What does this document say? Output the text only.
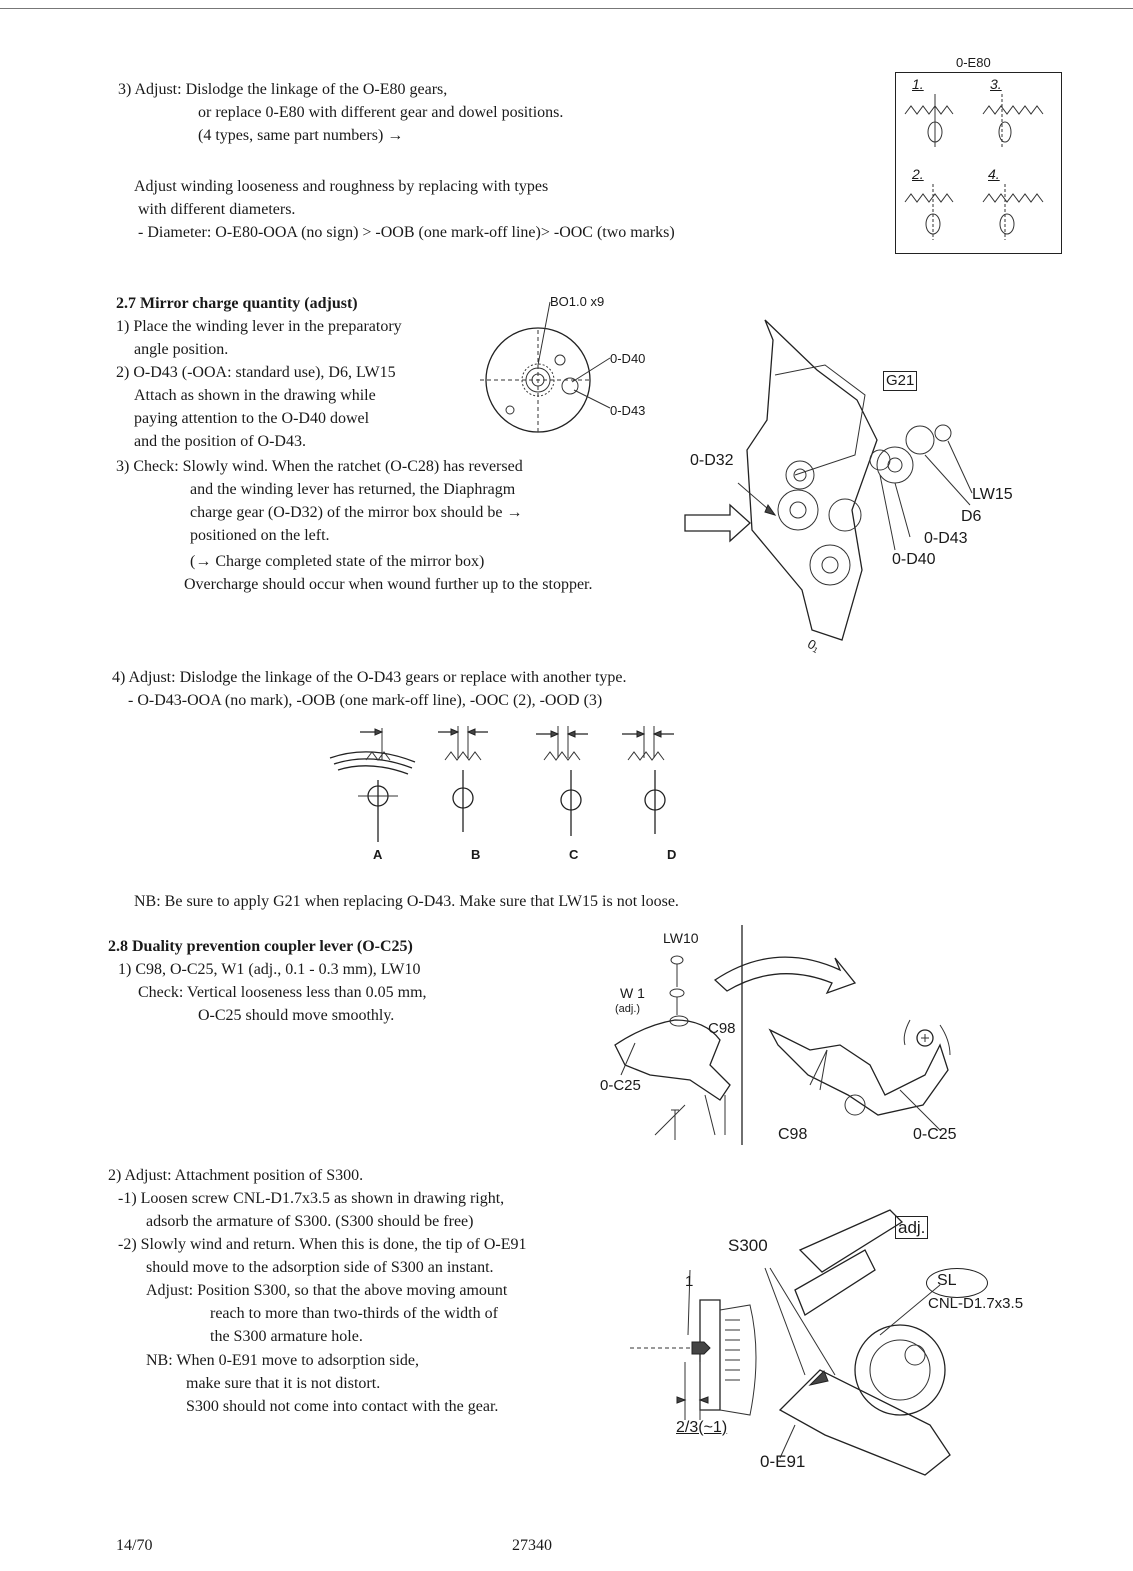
3) Adjust: Dislodge the linkage of the O-E80 gears,
or replace 0-E80 with different gear and dowel positions.
(4 types, same part numbers) →
Adjust winding looseness and roughness by replacing with types
with different diameters.
- Diameter: O-E80-OOA (no sign) > -OOB (one mark-off line)> -OOC (two marks)
0-E80
1.	3.
2.	4.
2.7 Mirror charge quantity (adjust)
1) Place the winding lever in the preparatory
angle position.
2) O-D43 (-OOA: standard use), D6, LW15
Attach as shown in the drawing while
paying attention to the O-D40 dowel
and the position of O-D43.
3) Check: Slowly wind. When the ratchet (O-C28) has reversed
and the winding lever has returned, the Diaphragm
charge gear (O-D32) of the mirror box should be →
positioned on the left.
(→ Charge completed state of the mirror box)
Overcharge should occur when wound further up to the stopper.
BO1.0 x9
0-D40
0-D43
0-D32
G21
LW15
D6
0-D43
0-D40
0₁
4) Adjust: Dislodge the linkage of the O-D43 gears or replace with another type.
- O-D43-OOA (no mark), -OOB (one mark-off line), -OOC (2), -OOD (3)
A	B	C	D
NB: Be sure to apply G21 when replacing O-D43. Make sure that LW15 is not loose.
2.8 Duality prevention coupler lever (O-C25)
1) C98, O-C25, W1 (adj., 0.1 - 0.3 mm), LW10
Check: Vertical looseness less than 0.05 mm,
O-C25 should move smoothly.
LW10
W 1
(adj.)
C98
0-C25
C98	0-C25
2) Adjust: Attachment position of S300.
-1) Loosen screw CNL-D1.7x3.5 as shown in drawing right,
adsorb the armature of S300. (S300 should be free)
-2) Slowly wind and return. When this is done, the tip of O-E91
should move to the adsorption side of S300 an instant.
Adjust: Position S300, so that the above moving amount
reach to more than two-thirds of the width of
the S300 armature hole.
NB: When 0-E91 move to adsorption side,
make sure that it is not distort.
S300 should not come into contact with the gear.
S300
adj.
SL
CNL-D1.7x3.5
1
2/3(~1)
0-E91
14/70	27340
